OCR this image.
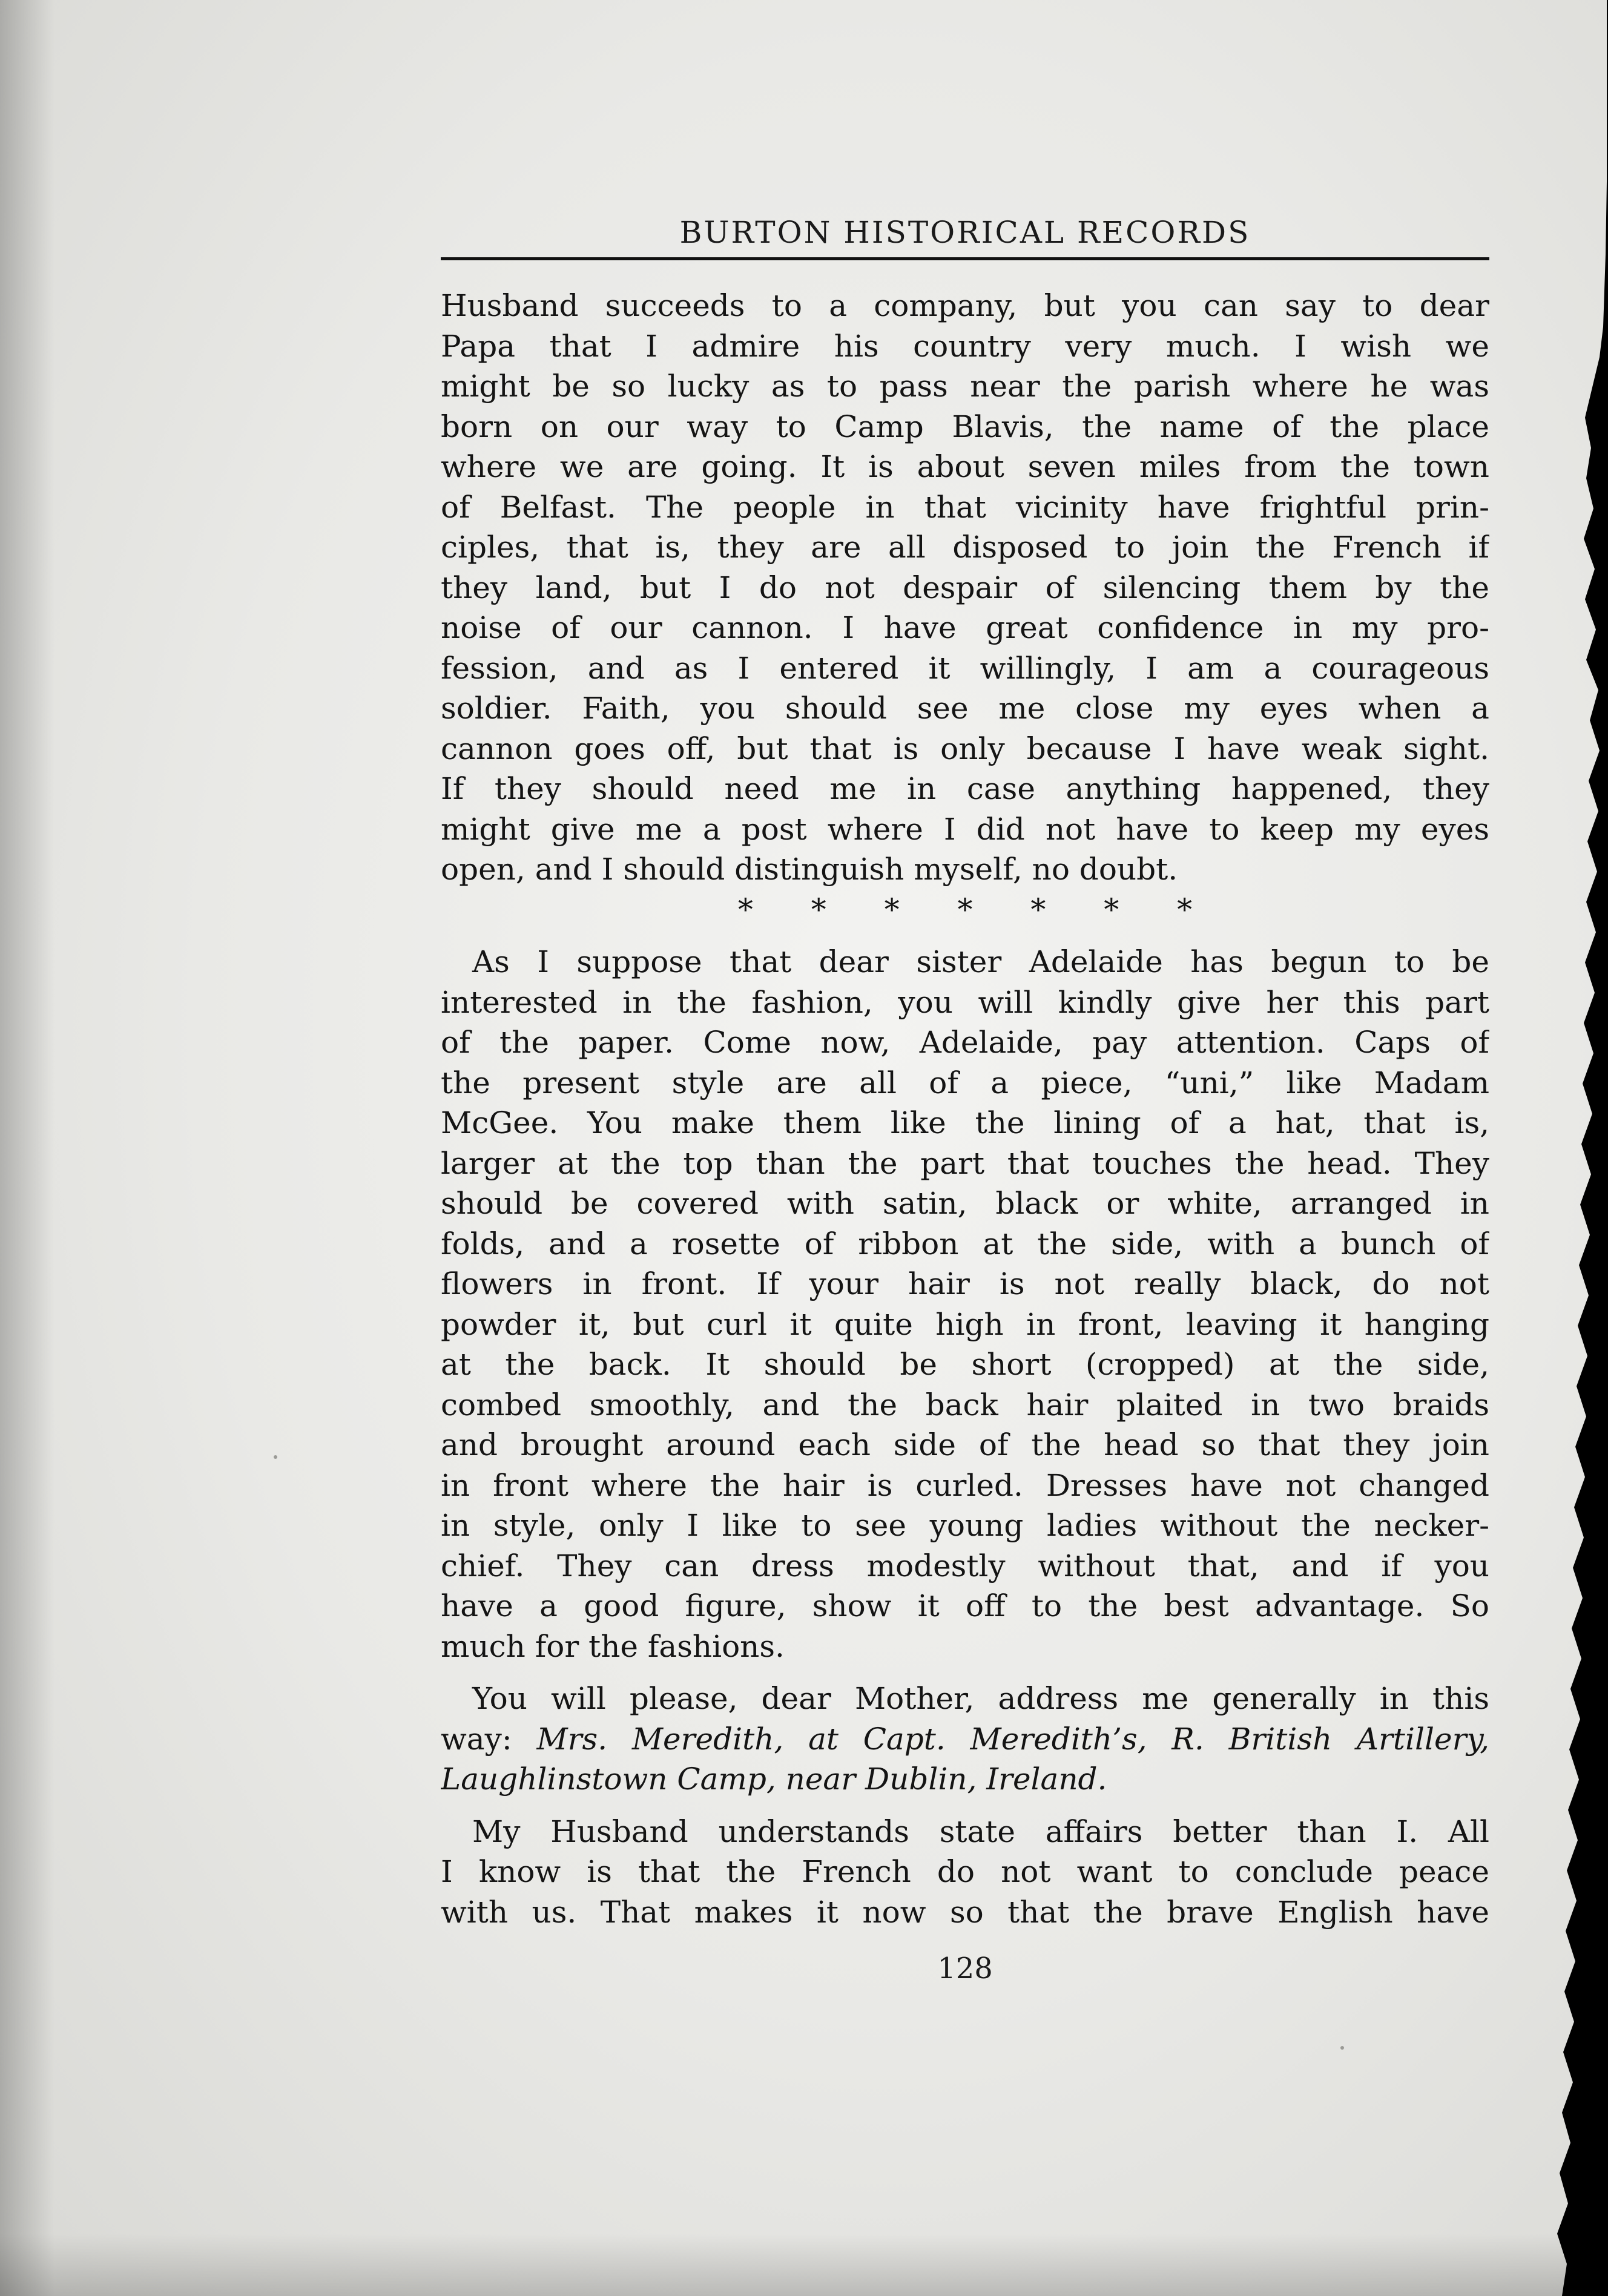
BURTON HISTORICAL RECORDS
Husband succeeds to a company, but you can say to dear
Papa that I admire his country very much. I wish we
might be so lucky as to pass near the parish where he was
born on our way to Camp Blavis, the name of the place
where we are going. It is about seven miles from the town
of Belfast. The people in that vicinity have frightful prin-
ciples, that is, they are all disposed to join the French if
they land, but I do not despair of silencing them by the
noise of our cannon. I have great confidence in my pro-
fession, and as I entered it willingly, I am a courageous
soldier. Faith, you should see me close my eyes when a
cannon goes off, but that is only because I have weak sight.
If they should need me in case anything happened, they
might give me a post where I did not have to keep my eyes
open, and I should distinguish myself, no doubt.
* * * * * * *
As I suppose that dear sister Adelaide has begun to be
interested in the fashion, you will kindly give her this part
of the paper. Come now, Adelaide, pay attention. Caps of
the present style are all of a piece, “uni,” like Madam
McGee. You make them like the lining of a hat, that is,
larger at the top than the part that touches the head. They
should be covered with satin, black or white, arranged in
folds, and a rosette of ribbon at the side, with a bunch of
flowers in front. If your hair is not really black, do not
powder it, but curl it quite high in front, leaving it hanging
at the back. It should be short (cropped) at the side,
combed smoothly, and the back hair plaited in two braids
and brought around each side of the head so that they join
in front where the hair is curled. Dresses have not changed
in style, only I like to see young ladies without the necker-
chief. They can dress modestly without that, and if you
have a good figure, show it off to the best advantage. So
much for the fashions.
You will please, dear Mother, address me generally in this
way: Mrs. Meredith, at Capt. Meredith’s, R. British Artillery,
Laughlinstown Camp, near Dublin, Ireland.
My Husband understands state affairs better than I. All
I know is that the French do not want to conclude peace
with us. That makes it now so that the brave English have
128
